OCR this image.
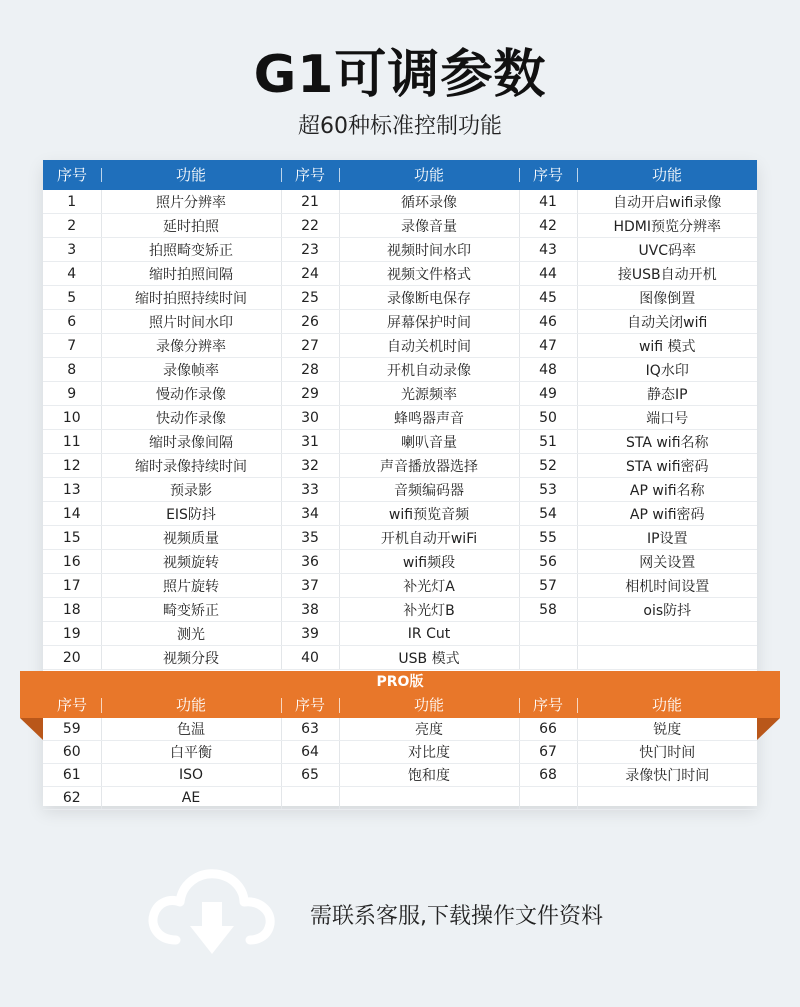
G1可调参数
超60种标准控制功能
序号	功能	序号	功能	序号	功能
1	照片分辨率	21	循环录像	41	自动开启wifi录像
2	延时拍照	22	录像音量	42	HDMI预览分辨率
3	拍照畸变矫正	23	视频时间水印	43	UVC码率
4	缩时拍照间隔	24	视频文件格式	44	接USB自动开机
5	缩时拍照持续时间	25	录像断电保存	45	图像倒置
6	照片时间水印	26	屏幕保护时间	46	自动关闭wifi
7	录像分辨率	27	自动关机时间	47	wifi 模式
8	录像帧率	28	开机自动录像	48	IQ水印
9	慢动作录像	29	光源频率	49	静态IP
10	快动作录像	30	蜂鸣器声音	50	端口号
11	缩时录像间隔	31	喇叭音量	51	STA wifi名称
12	缩时录像持续时间	32	声音播放器选择	52	STA wifi密码
13	预录影	33	音频编码器	53	AP wifi名称
14	EIS防抖	34	wifi预览音频	54	AP wifi密码
15	视频质量	35	开机自动开wiFi	55	IP设置
16	视频旋转	36	wifi频段	56	网关设置
17	照片旋转	37	补光灯A	57	相机时间设置
18	畸变矫正	38	补光灯B	58	ois防抖
19	测光	39	IR Cut		
20	视频分段	40	USB 模式		
59	色温	63	亮度	66	锐度
60	白平衡	64	对比度	67	快门时间
61	ISO	65	饱和度	68	录像快门时间
62	AE				
PRO版
序号	功能	序号	功能	序号	功能
需联系客服,下载操作文件资料
